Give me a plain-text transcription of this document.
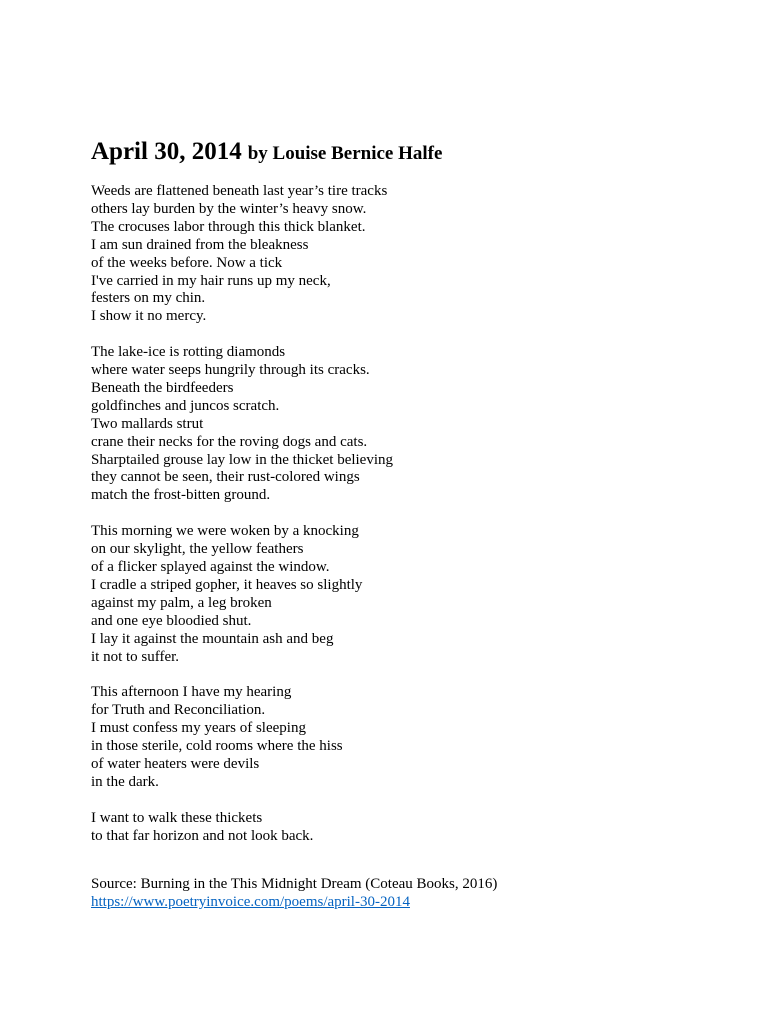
April 30, 2014 by Louise Bernice Halfe
Weeds are flattened beneath last year’s tire tracks
others lay burden by the winter’s heavy snow.
The crocuses labor through this thick blanket.
I am sun drained from the bleakness
of the weeks before. Now a tick
I've carried in my hair runs up my neck,
festers on my chin.
I show it no mercy.
The lake-ice is rotting diamonds
where water seeps hungrily through its cracks.
Beneath the birdfeeders
goldfinches and juncos scratch.
Two mallards strut
crane their necks for the roving dogs and cats.
Sharptailed grouse lay low in the thicket believing
they cannot be seen, their rust-colored wings
match the frost-bitten ground.
This morning we were woken by a knocking
on our skylight, the yellow feathers
of a flicker splayed against the window.
I cradle a striped gopher, it heaves so slightly
against my palm, a leg broken
and one eye bloodied shut.
I lay it against the mountain ash and beg
it not to suffer.
This afternoon I have my hearing
for Truth and Reconciliation.
I must confess my years of sleeping
in those sterile, cold rooms where the hiss
of water heaters were devils
in the dark.
I want to walk these thickets
to that far horizon and not look back.
Source: Burning in the This Midnight Dream (Coteau Books, 2016)
https://www.poetryinvoice.com/poems/april-30-2014
